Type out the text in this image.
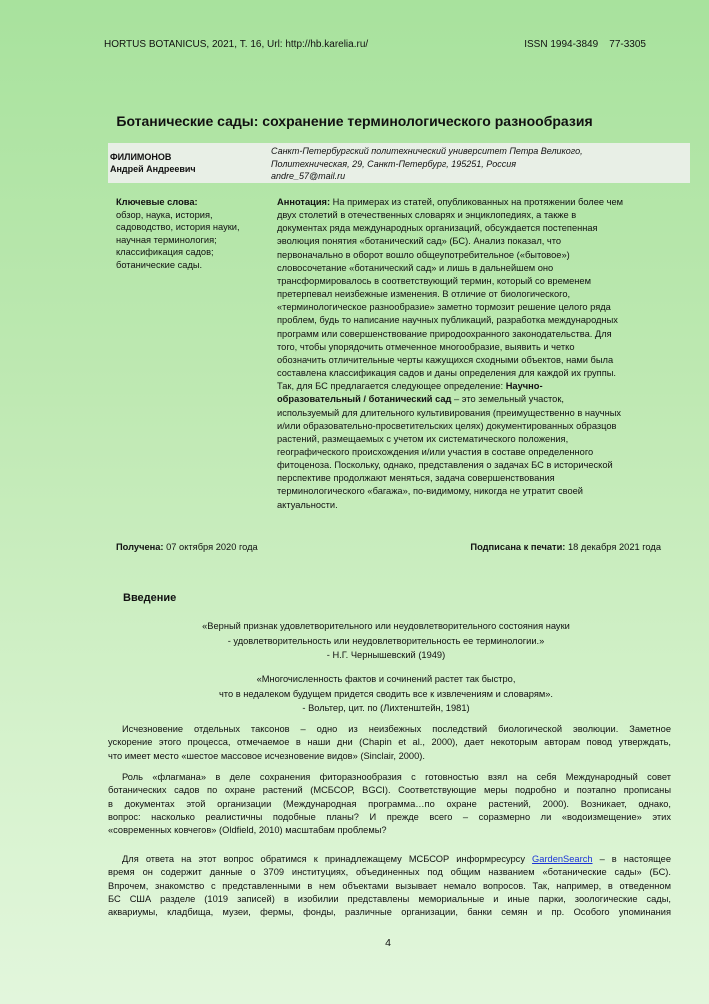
HORTUS BOTANICUS, 2021, Т. 16, Url: http://hb.karelia.ru/	ISSN 1994-3849    77-3305
Ботанические сады: сохранение терминологического разнообразия
ФИЛИМОНОВ
Андрей Андреевич
Санкт-Петербургский политехнический университет Петра Великого,
Политехническая, 29, Санкт-Петербург, 195251, Россия
andre_57@mail.ru
Ключевые слова:
обзор, наука, история,
садоводство, история науки,
научная терминология;
классификация садов;
ботанические сады.
Аннотация: На примерах из статей, опубликованных на протяжении более чем
двух столетий в отечественных словарях и энциклопедиях, а также в
документах ряда международных организаций, обсуждается постепенная
эволюция понятия «ботанический сад» (БС). Анализ показал, что
первоначально в оборот вошло общеупотребительное («бытовое»)
словосочетание «ботанический сад» и лишь в дальнейшем оно
трансформировалось в соответствующий термин, который со временем
претерпевал неизбежные изменения. В отличие от биологического,
«терминологическое разнообразие» заметно тормозит решение целого ряда
проблем, будь то написание научных публикаций, разработка международных
программ или совершенствование природоохранного законодательства. Для
того, чтобы упорядочить отмеченное многообразие, выявить и четко
обозначить отличительные черты кажущихся сходными объектов, нами была
составлена классификация садов и даны определения для каждой их группы.
Так, для БС предлагается следующее определение: Научно-
образовательный / ботанический сад – это земельный участок,
используемый для длительного культивирования (преимущественно в научных
и/или образовательно-просветительских целях) документированных образцов
растений, размещаемых с учетом их систематического положения,
географического происхождения и/или участия в составе определенного
фитоценоза. Поскольку, однако, представления о задачах БС в исторической
перспективе продолжают меняться, задача совершенствования
терминологического «багажа», по-видимому, никогда не утратит своей
актуальности.
Получена: 07 октября 2020 года	Подписана к печати: 18 декабря 2021 года
Введение
«Верный признак удовлетворительного или неудовлетворительного состояния науки
- удовлетворительность или неудовлетворительность ее терминологии.»
- Н.Г. Чернышевский (1949)
«Многочисленность фактов и сочинений растет так быстро,
что в недалеком будущем придется сводить все к извлечениям и словарям».
- Вольтер, цит. по (Лихтенштейн, 1981)
Исчезновение отдельных таксонов – одно из неизбежных последствий биологической эволюции. Заметное
ускорение этого процесса, отмечаемое в наши дни (Chapin et al., 2000), дает некоторым авторам повод утверждать,
что имеет место «шестое массовое исчезновение видов» (Sinclair, 2000).
Роль «флагмана» в деле сохранения фиторазнообразия с готовностью взял на себя Международный совет
ботанических садов по охране растений (МСБСОР, BGCI). Соответствующие меры подробно и поэтапно прописаны
в документах этой организации (Международная программа…по охране растений, 2000). Возникает, однако,
вопрос: насколько реалистичны подобные планы? И прежде всего – соразмерно ли «водоизмещение» этих
«современных ковчегов» (Oldfield, 2010) масштабам проблемы?
Для ответа на этот вопрос обратимся к принадлежащему МСБСОР информресурсу GardenSearch – в настоящее
время он содержит данные о 3709 институциях, объединенных под общим названием «ботанические сады» (БС).
Впрочем, знакомство с представленными в нем объектами вызывает немало вопросов. Так, например, в отведенном
БС США разделе (1019 записей) в изобилии представлены мемориальные и иные парки, зоологические сады,
аквариумы, кладбища, музеи, фермы, фонды, различные организации, банки семян и пр. Особого упоминания
4
